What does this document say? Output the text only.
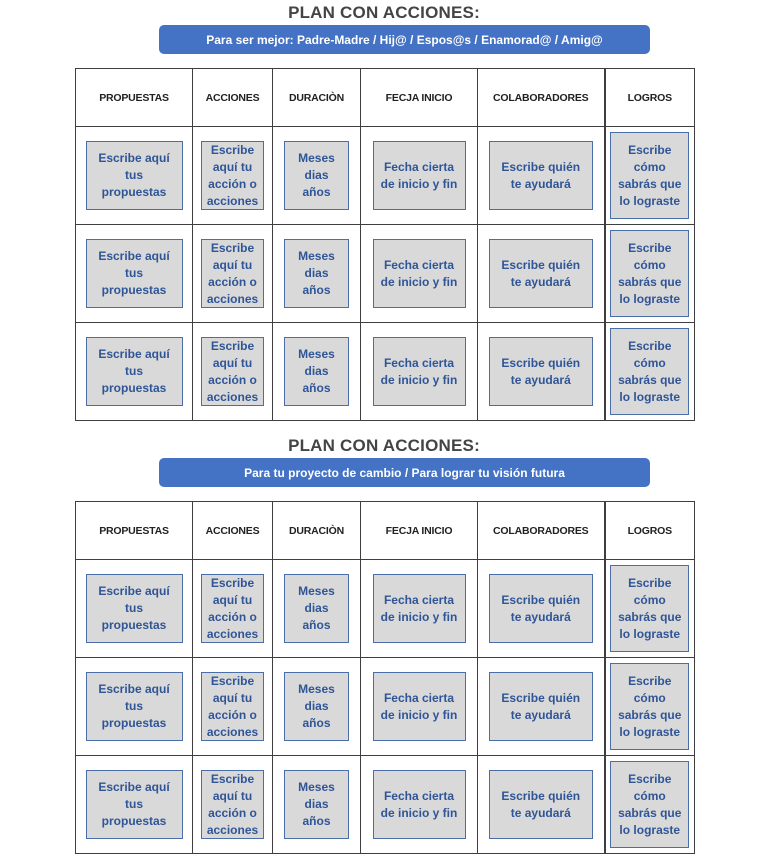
PLAN CON ACCIONES:
Para ser mejor: Padre-Madre / Hij@ / Espos@s / Enamorad@ / Amig@
PROPUESTAS	ACCIONES	DURACIÒN	FECJA INICIO	COLABORADORES	LOGROS

Escribe aquí
tus
propuestas	Escribe
aquí tu
acción o
acciones	Meses
dias
años	Fecha cierta
de inicio y fin	Escribe quién
te ayudará	Escribe
cómo
sabrás que
lo lograste

Escribe aquí
tus
propuestas	Escribe
aquí tu
acción o
acciones	Meses
dias
años	Fecha cierta
de inicio y fin	Escribe quién
te ayudará	Escribe
cómo
sabrás que
lo lograste

Escribe aquí
tus
propuestas	Escribe
aquí tu
acción o
acciones	Meses
dias
años	Fecha cierta
de inicio y fin	Escribe quién
te ayudará	Escribe
cómo
sabrás que
lo lograste
PLAN CON ACCIONES:
Para tu proyecto de cambio / Para lograr tu visión futura
PROPUESTAS	ACCIONES	DURACIÒN	FECJA INICIO	COLABORADORES	LOGROS

Escribe aquí
tus
propuestas	Escribe
aquí tu
acción o
acciones	Meses
dias
años	Fecha cierta
de inicio y fin	Escribe quién
te ayudará	Escribe
cómo
sabrás que
lo lograste

Escribe aquí
tus
propuestas	Escribe
aquí tu
acción o
acciones	Meses
dias
años	Fecha cierta
de inicio y fin	Escribe quién
te ayudará	Escribe
cómo
sabrás que
lo lograste

Escribe aquí
tus
propuestas	Escribe
aquí tu
acción o
acciones	Meses
dias
años	Fecha cierta
de inicio y fin	Escribe quién
te ayudará	Escribe
cómo
sabrás que
lo lograste
